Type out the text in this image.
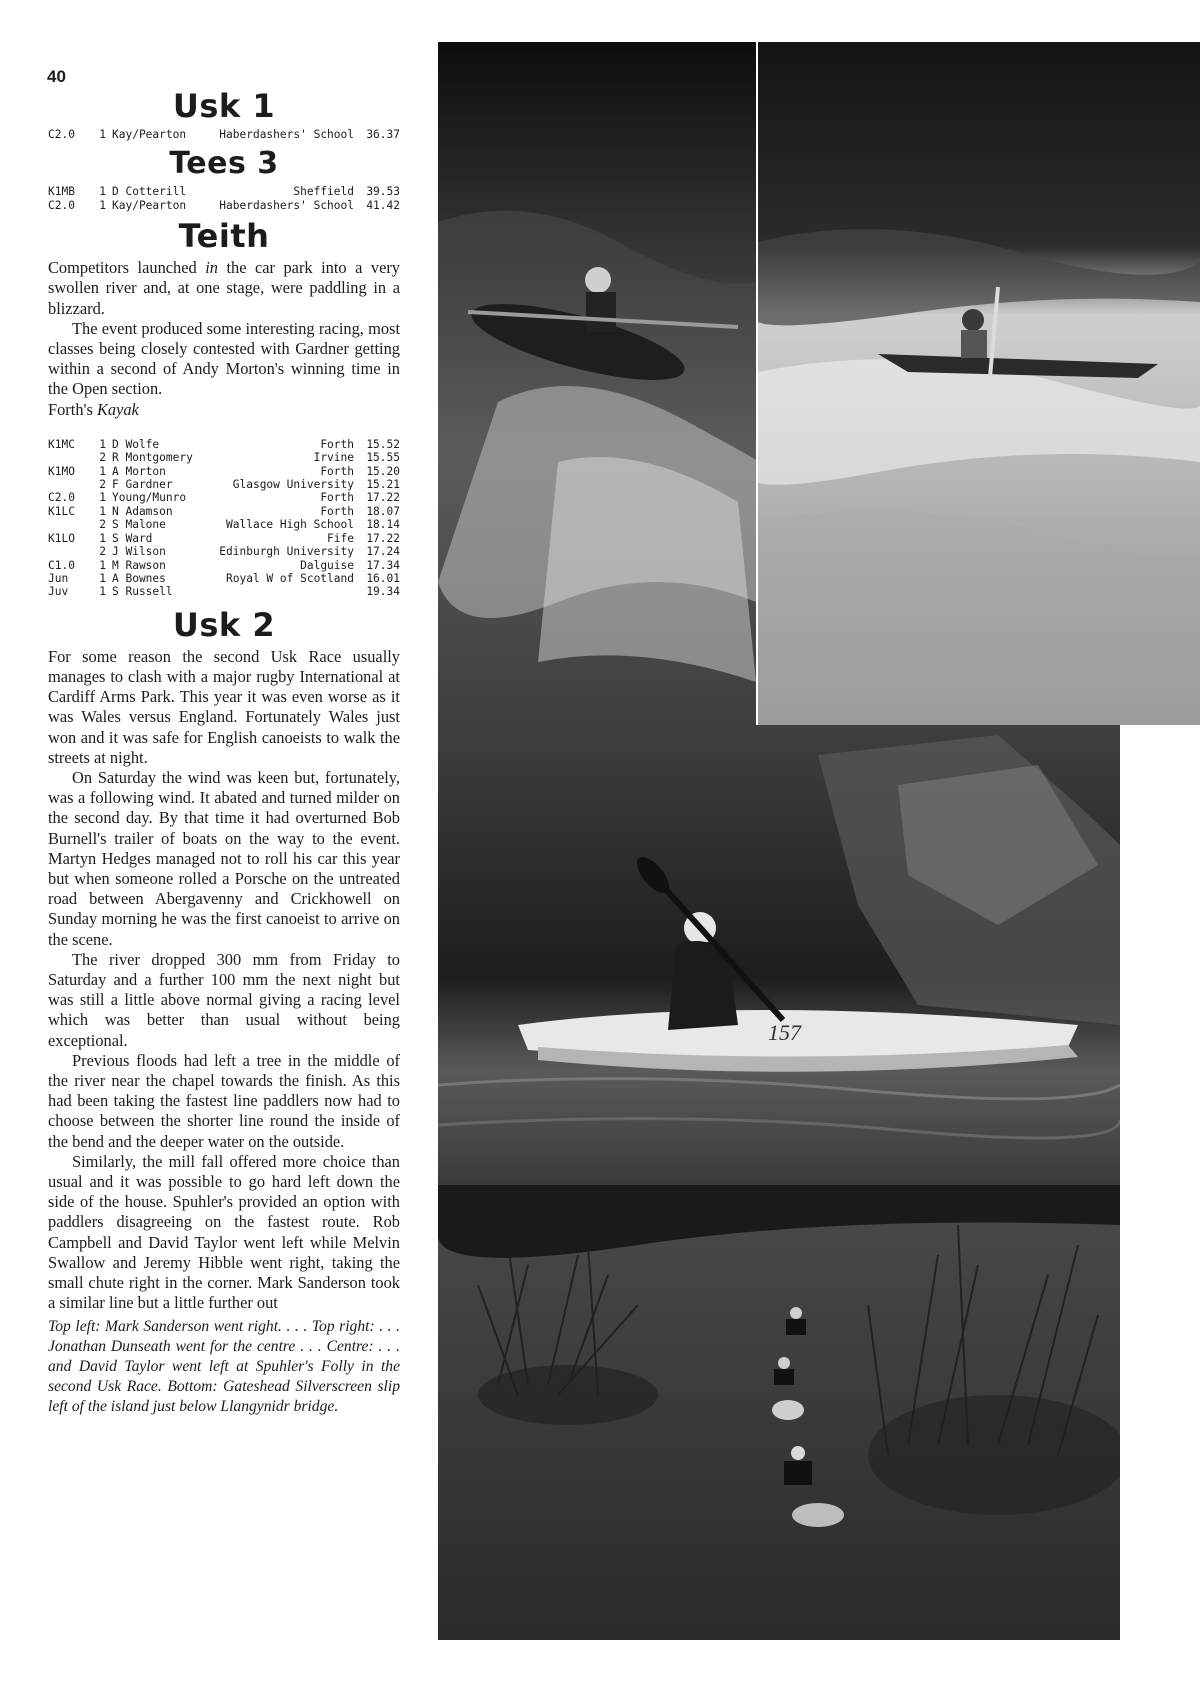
40
Usk 1
C2.0	1	Kay/Pearton	Haberdashers' School	36.37
Tees 3
K1MB	1	D Cotterill	Sheffield	39.53
C2.0	1	Kay/Pearton	Haberdashers' School	41.42
Teith

Competitors launched in the car park into a very swollen river and, at one stage, were paddling in a blizzard.

The event produced some interesting racing, most classes being closely contested with Gardner getting within a second of Andy Morton's winning time in the Open section.

Forth's Kayak

K1MC	1	D Wolfe	Forth	15.52
	2	R Montgomery	Irvine	15.55
K1MO	1	A Morton	Forth	15.20
	2	F Gardner	Glasgow University	15.21
C2.0	1	Young/Munro	Forth	17.22
K1LC	1	N Adamson	Forth	18.07
	2	S Malone	Wallace High School	18.14
K1LO	1	S Ward	Fife	17.22
	2	J Wilson	Edinburgh University	17.24
C1.0	1	M Rawson	Dalguise	17.34
Jun	1	A Bownes	Royal W of Scotland	16.01
Juv	1	S Russell		19.34
Usk 2

For some reason the second Usk Race usually manages to clash with a major rugby International at Cardiff Arms Park. This year it was even worse as it was Wales versus England. Fortunately Wales just won and it was safe for English canoeists to walk the streets at night.

On Saturday the wind was keen but, fortunately, was a following wind. It abated and turned milder on the second day. By that time it had overturned Bob Burnell's trailer of boats on the way to the event. Martyn Hedges managed not to roll his car this year but when someone rolled a Porsche on the untreated road between Abergavenny and Crickhowell on Sunday morning he was the first canoeist to arrive on the scene.

The river dropped 300 mm from Friday to Saturday and a further 100 mm the next night but was still a little above normal giving a racing level which was better than usual without being exceptional.

Previous floods had left a tree in the middle of the river near the chapel towards the finish. As this had been taking the fastest line paddlers now had to choose between the shorter line round the inside of the bend and the deeper water on the outside.

Similarly, the mill fall offered more choice than usual and it was possible to go hard left down the side of the house. Spuhler's provided an option with paddlers disagreeing on the fastest route. Rob Campbell and David Taylor went left while Melvin Swallow and Jeremy Hibble went right, taking the small chute right in the corner. Mark Sanderson took a similar line but a little further out

Top left: Mark Sanderson went right. . . . Top right: . . . Jonathan Dunseath went for the centre . . . Centre: . . . and David Taylor went left at Spuhler's Folly in the second Usk Race. Bottom: Gateshead Silverscreen slip left of the island just below Llangynidr bridge.

157
